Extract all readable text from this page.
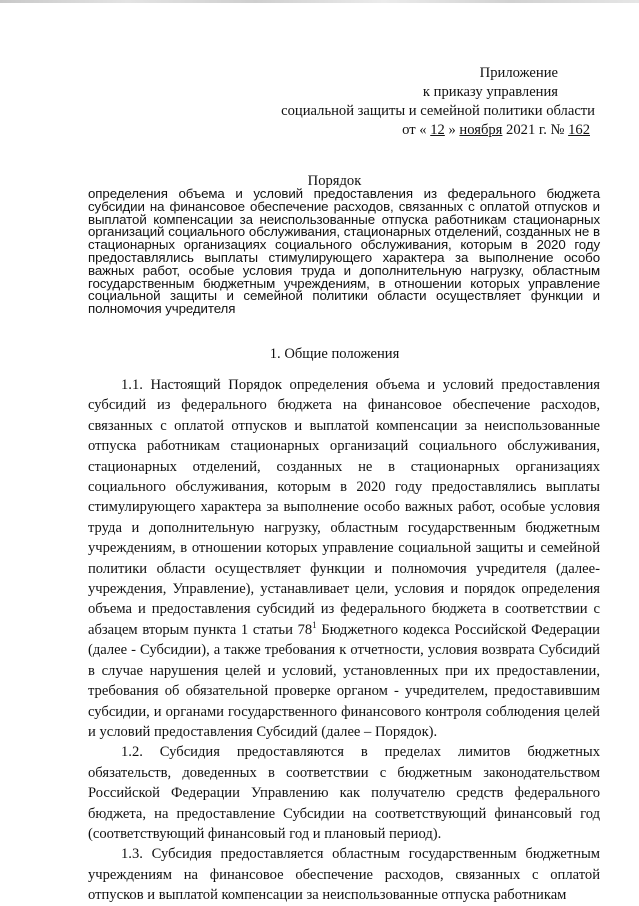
Приложение
к приказу управления
социальной защиты и семейной политики области
от « 12 » ноября 2021 г. № 162
Порядок
определения объема и условий предоставления из федерального бюджета субсидии на финансовое обеспечение расходов, связанных с оплатой отпусков и выплатой компенсации за неиспользованные отпуска работникам стационарных организаций социального обслуживания, стационарных отделений, созданных не в стационарных организациях социального обслуживания, которым в 2020 году предоставлялись выплаты стимулирующего характера за выполнение особо важных работ, особые условия труда и дополнительную нагрузку, областным государственным бюджетным учреждениям, в отношении которых управление социальной защиты и семейной политики области осуществляет функции и полномочия учредителя
1. Общие положения

1.1. Настоящий Порядок определения объема и условий предоставления субсидий из федерального бюджета на финансовое обеспечение расходов, связанных с оплатой отпусков и выплатой компенсации за неиспользованные отпуска работникам стационарных организаций социального обслуживания, стационарных отделений, созданных не в стационарных организациях социального обслуживания, которым в 2020 году предоставлялись выплаты стимулирующего характера за выполнение особо важных работ, особые условия труда и дополнительную нагрузку, областным государственным бюджетным учреждениям, в отношении которых управление социальной защиты и семейной политики области осуществляет функции и полномочия учредителя (далее-учреждения, Управление), устанавливает цели, условия и порядок определения объема и предоставления субсидий из федерального бюджета в соответствии с абзацем вторым пункта 1 статьи $78^1$ Бюджетного кодекса Российской Федерации (далее - Субсидии), а также требования к отчетности, условия возврата Субсидий в случае нарушения целей и условий, установленных при их предоставлении, требования об обязательной проверке органом - учредителем, предоставившим субсидии, и органами государственного финансового контроля соблюдения целей и условий предоставления Субсидий (далее – Порядок).

1.2. Субсидия предоставляются в пределах лимитов бюджетных обязательств, доведенных в соответствии с бюджетным законодательством Российской Федерации Управлению как получателю средств федерального бюджета, на предоставление Субсидии на соответствующий финансовый год (соответствующий финансовый год и плановый период).

1.3. Субсидия предоставляется областным государственным бюджетным учреждениям на финансовое обеспечение расходов, связанных с оплатой отпусков и выплатой компенсации за неиспользованные отпуска работникам
